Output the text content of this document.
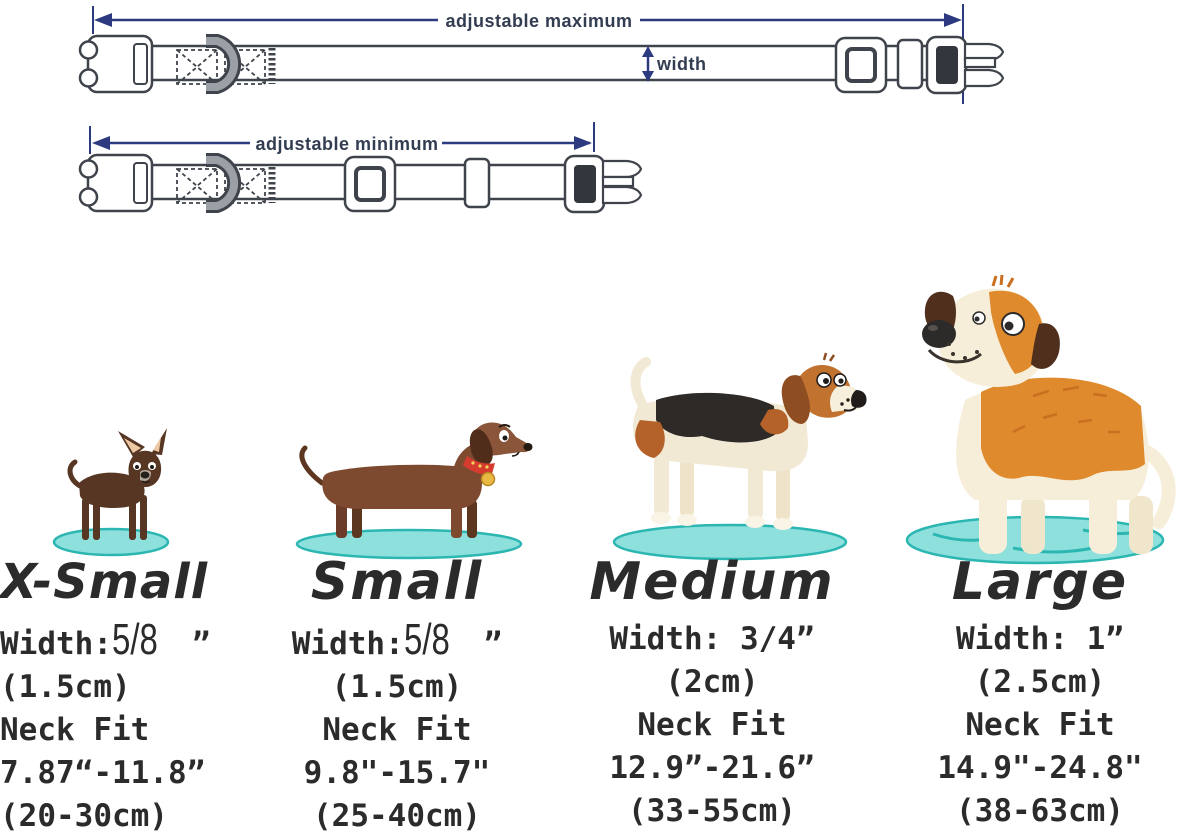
adjustable maximum
width
adjustable minimum
X-Small
Width:5/8 ”
(1.5cm)
Neck Fit
7.87“-11.8”
(20-30cm)
Small
Width:5/8 ”
(1.5cm)
Neck Fit
9.8"-15.7"
(25-40cm)
Medium
Width: 3/4”
(2cm)
Neck Fit
12.9”-21.6”
(33-55cm)
Large
Width: 1”
(2.5cm)
Neck Fit
14.9"-24.8"
(38-63cm)
